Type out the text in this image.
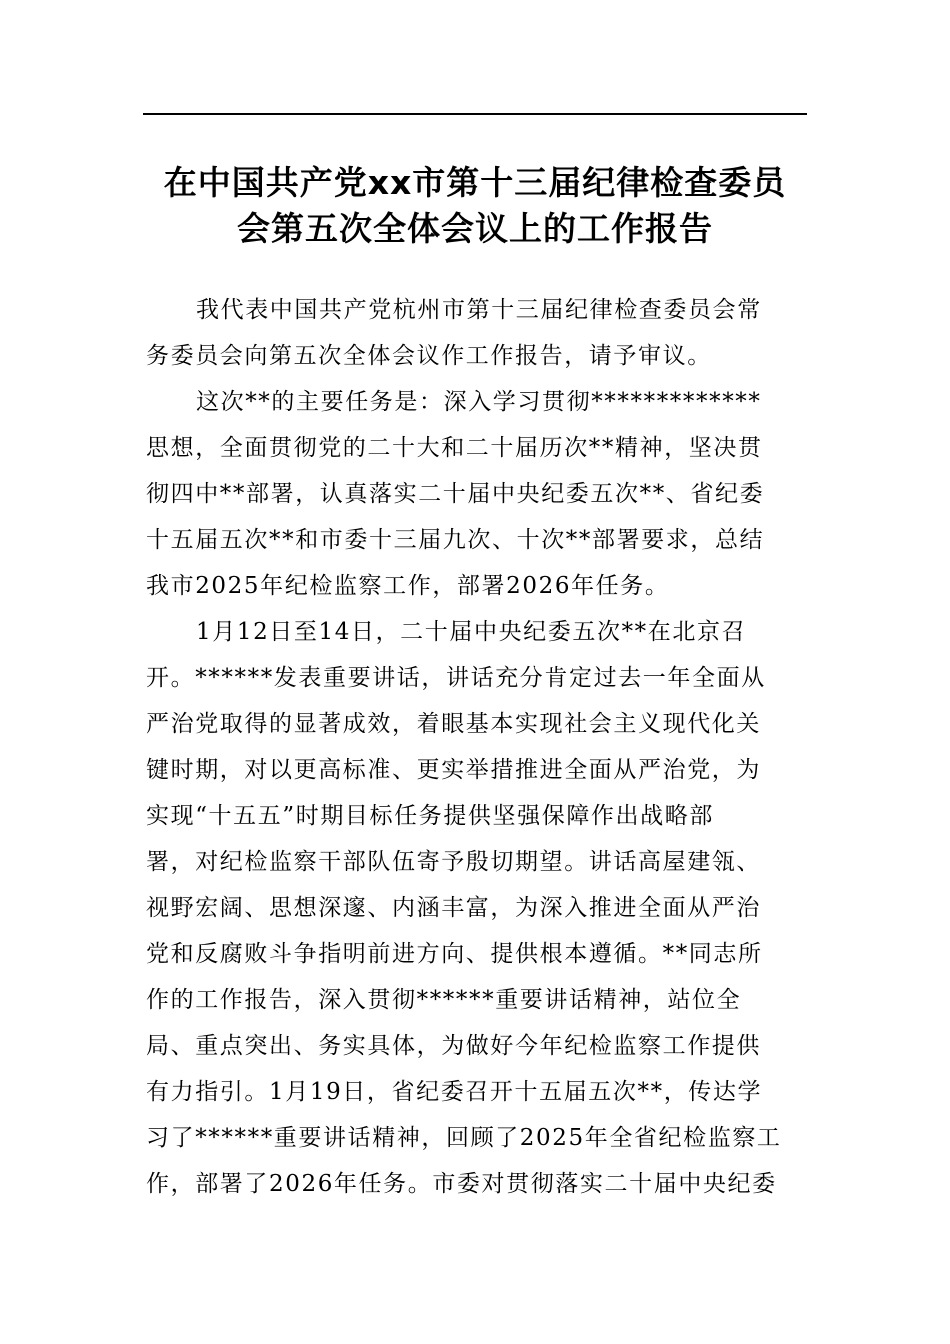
在中国共产党xx市第十三届纪律检查委员
会第五次全体会议上的工作报告
我代表中国共产党杭州市第十三届纪律检查委员会常
务委员会向第五次全体会议作工作报告，请予审议。
这次**的主要任务是：深入学习贯彻*************
思想，全面贯彻党的二十大和二十届历次**精神，坚决贯
彻四中**部署，认真落实二十届中央纪委五次**、省纪委
十五届五次**和市委十三届九次、十次**部署要求，总结
我市2025年纪检监察工作，部署2026年任务。
1月12日至14日，二十届中央纪委五次**在北京召
开。******发表重要讲话，讲话充分肯定过去一年全面从
严治党取得的显著成效，着眼基本实现社会主义现代化关
键时期，对以更高标准、更实举措推进全面从严治党，为
实现“十五五”时期目标任务提供坚强保障作出战略部
署，对纪检监察干部队伍寄予殷切期望。讲话高屋建瓴、
视野宏阔、思想深邃、内涵丰富，为深入推进全面从严治
党和反腐败斗争指明前进方向、提供根本遵循。**同志所
作的工作报告，深入贯彻******重要讲话精神，站位全
局、重点突出、务实具体，为做好今年纪检监察工作提供
有力指引。1月19日，省纪委召开十五届五次**，传达学
习了******重要讲话精神，回顾了2025年全省纪检监察工
作，部署了2026年任务。市委对贯彻落实二十届中央纪委
